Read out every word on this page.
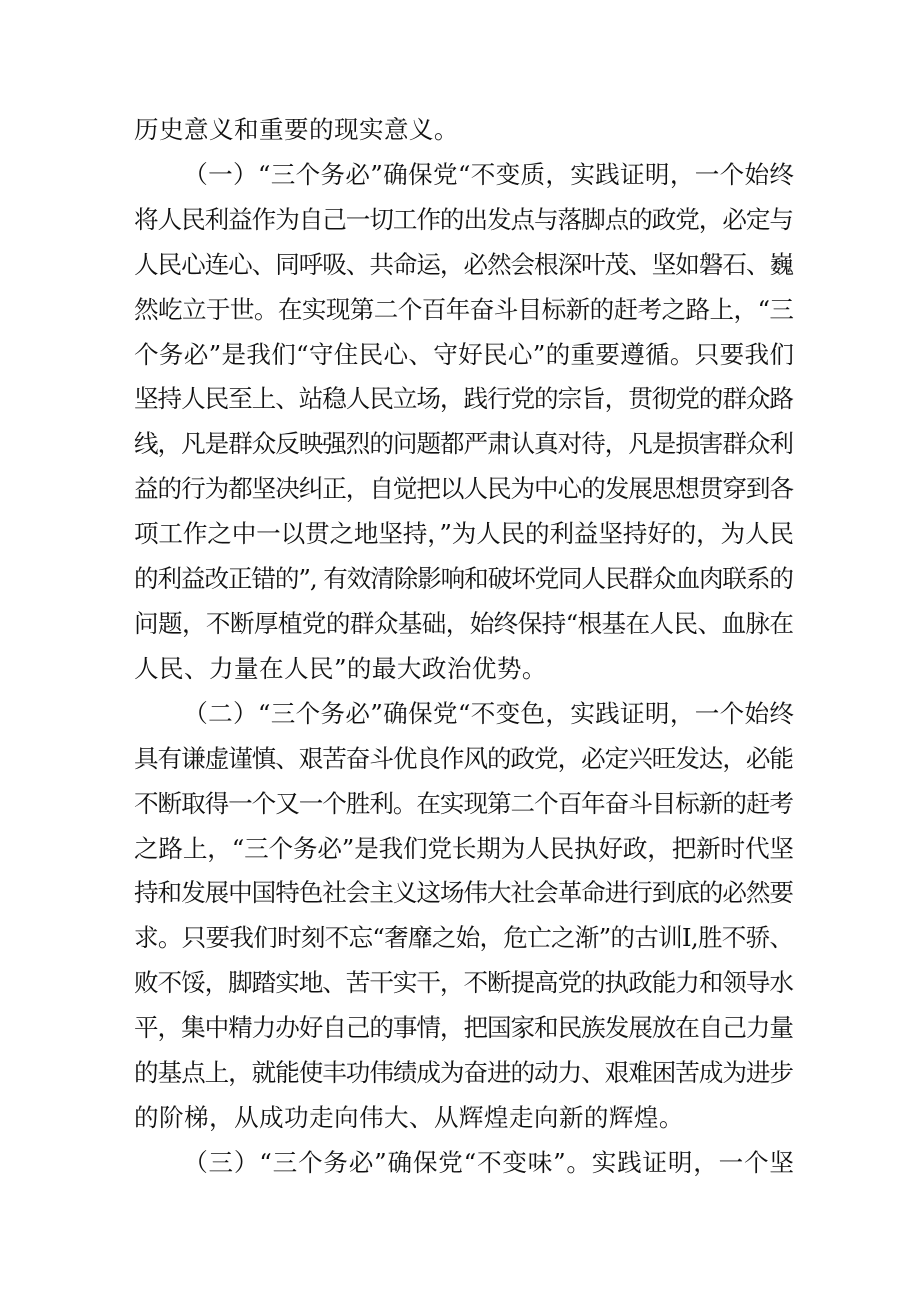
历史意义和重要的现实意义。
（一）“三个务必”确保党“不变质，实践证明，一个始终
将人民利益作为自己一切工作的出发点与落脚点的政党，必定与
人民心连心、同呼吸、共命运，必然会根深叶茂、坚如磐石、巍
然屹立于世。在实现第二个百年奋斗目标新的赶考之路上，“三
个务必”是我们“守住民心、守好民心”的重要遵循。只要我们
坚持人民至上、站稳人民立场，践行党的宗旨，贯彻党的群众路
线，凡是群众反映强烈的问题都严肃认真对待，凡是损害群众利
益的行为都坚决纠正，自觉把以人民为中心的发展思想贯穿到各
项工作之中一以贯之地坚持，”为人民的利益坚持好的，为人民
的利益改正错的”, 有效清除影响和破坏党同人民群众血肉联系的
问题，不断厚植党的群众基础，始终保持“根基在人民、血脉在
人民、力量在人民”的最大政治优势。
（二）“三个务必”确保党“不变色，实践证明，一个始终
具有谦虚谨慎、艰苦奋斗优良作风的政党，必定兴旺发达，必能
不断取得一个又一个胜利。在实现第二个百年奋斗目标新的赶考
之路上，“三个务必”是我们党长期为人民执好政，把新时代坚
持和发展中国特色社会主义这场伟大社会革命进行到底的必然要
求。只要我们时刻不忘“奢靡之始，危亡之渐”的古训I,胜不骄、
败不馁，脚踏实地、苦干实干，不断提高党的执政能力和领导水
平，集中精力办好自己的事情，把国家和民族发展放在自己力量
的基点上，就能使丰功伟绩成为奋进的动力、艰难困苦成为进步
的阶梯，从成功走向伟大、从辉煌走向新的辉煌。
（三）“三个务必”确保党“不变味”。实践证明，一个坚
